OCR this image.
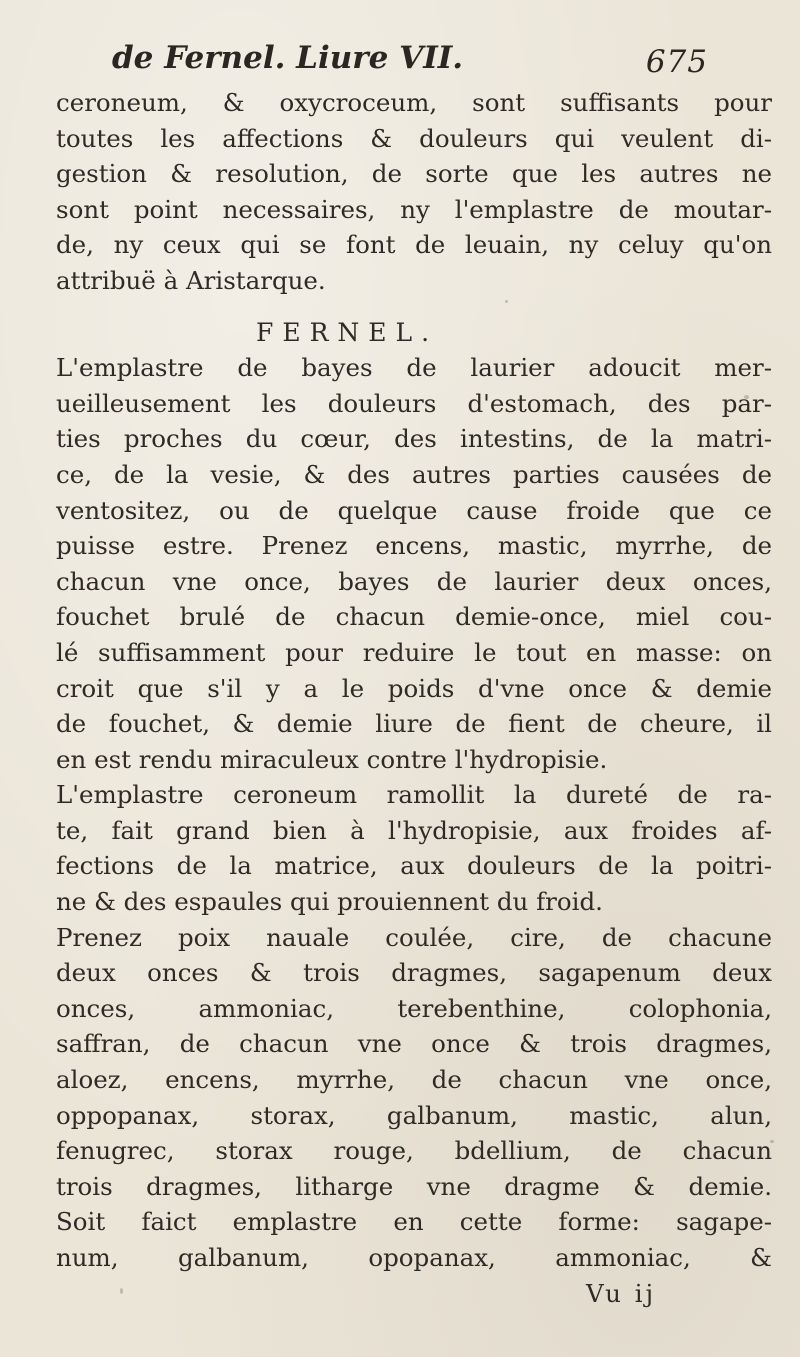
de Fernel. Liure VII.	675
ceroneum, & oxycroceum, sont suffisants pour
toutes les affections & douleurs qui veulent di-
gestion & resolution, de sorte que les autres ne
sont point necessaires, ny l'emplastre de moutar-
de, ny ceux qui se font de leuain, ny celuy qu'on
attribuë à Aristarque.
FERNEL.
L'emplastre de bayes de laurier adoucit mer-
ueilleusement les douleurs d'estomach, des par-
ties proches du cœur, des intestins, de la matri-
ce, de la vesie, & des autres parties causées de
ventositez, ou de quelque cause froide que ce
puisse estre. Prenez encens, mastic, myrrhe, de
chacun vne once, bayes de laurier deux onces,
fouchet brulé de chacun demie-once, miel cou-
lé suffisamment pour reduire le tout en masse: on
croit que s'il y a le poids d'vne once & demie
de fouchet, & demie liure de fient de cheure, il
en est rendu miraculeux contre l'hydropisie.
L'emplastre ceroneum ramollit la dureté de ra-
te, fait grand bien à l'hydropisie, aux froides af-
fections de la matrice, aux douleurs de la poitri-
ne & des espaules qui prouiennent du froid.
Prenez poix nauale coulée, cire, de chacune
deux onces & trois dragmes, sagapenum deux
onces, ammoniac, terebenthine, colophonia,
saffran, de chacun vne once & trois dragmes,
aloez, encens, myrrhe, de chacun vne once,
oppopanax, storax, galbanum, mastic, alun,
fenugrec, storax rouge, bdellium, de chacun
trois dragmes, litharge vne dragme & demie.
Soit faict emplastre en cette forme: sagape-
num, galbanum, opopanax, ammoniac, &
Vu ij
